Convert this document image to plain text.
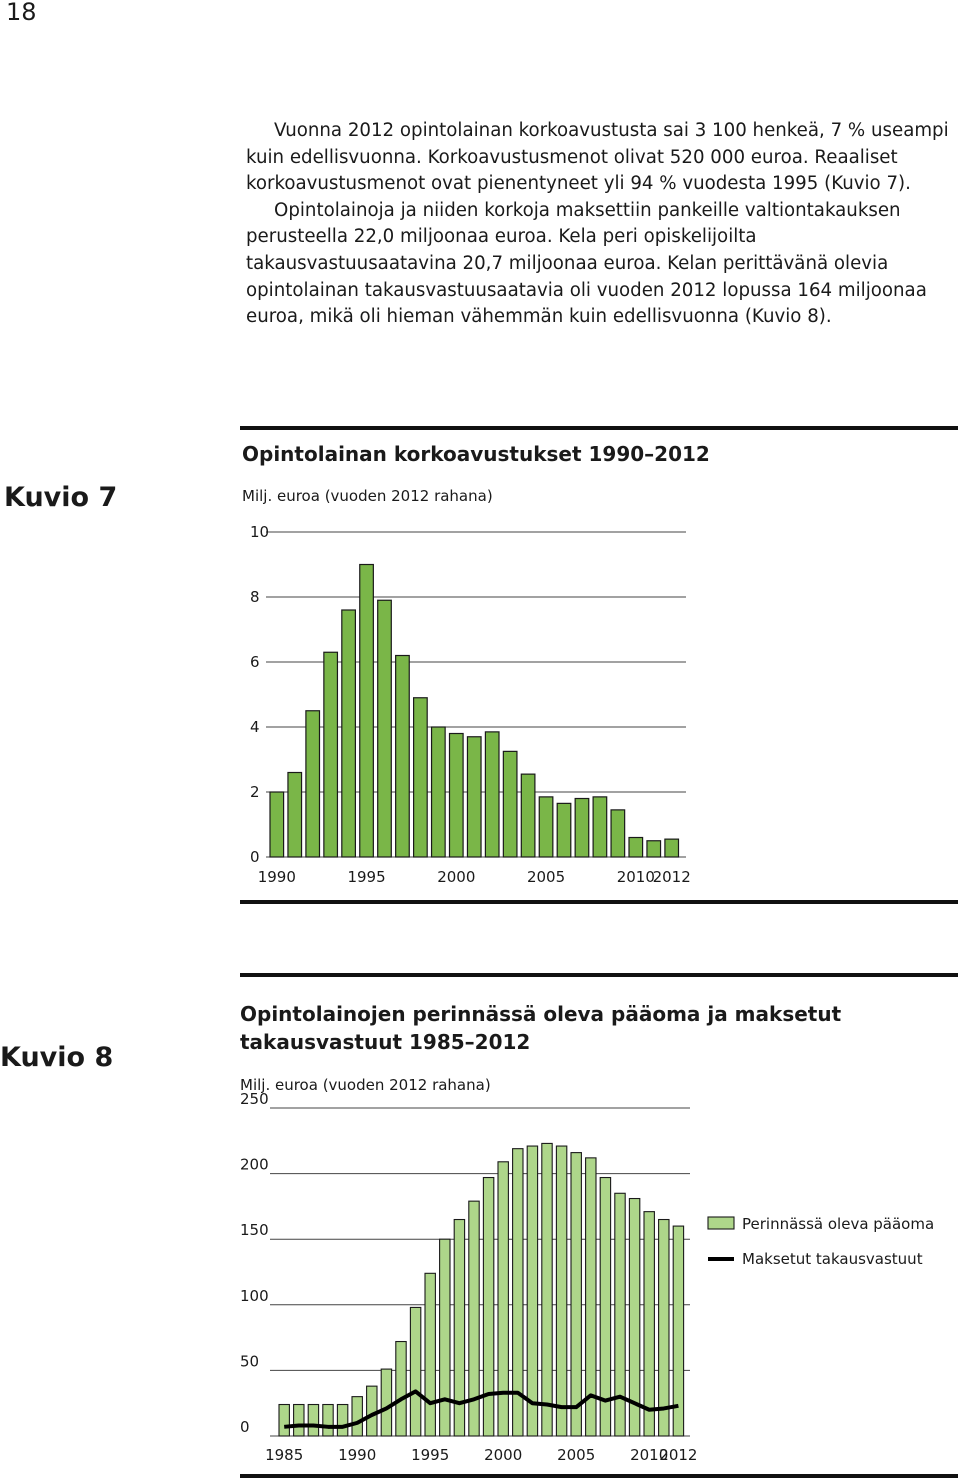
18

Vuonna 2012 opintolainan korkoavustusta sai 3 100 henkeä, 7 % useampi kuin edellisvuonna. Korkoavustusmenot olivat 520 000 euroa. Reaaliset korkoavustusmenot ovat pienentyneet yli 94 % vuodesta 1995 (Kuvio 7).

Opintolainoja ja niiden korkoja maksettiin pankeille valtiontakauksen perusteella 22,0 miljoonaa euroa. Kela peri opiskelijoilta takausvastuusaatavina 20,7 miljoonaa euroa. Kelan perittävänä olevia opintolainan takausvastuusaatavia oli vuoden 2012 lopussa 164 miljoonaa euroa, mikä oli hieman vähemmän kuin edellisvuonna (Kuvio 8).

Kuvio 7
Opintolainan korkoavustukset 1990–2012
Milj. euroa (vuoden 2012 rahana)
0
2
4
6
8
10
1990	1995	2000	2005	2010
2012
Kuvio 8
Opintolainojen perinnässä oleva pääoma ja maksetut takausvastuut 1985–2012
Milj. euroa (vuoden 2012 rahana)
0
50
100
150
200
250
1985 1990 1995 2000 2005 2010
2012
Perinnässä oleva pääoma
Maksetut takausvastuut
